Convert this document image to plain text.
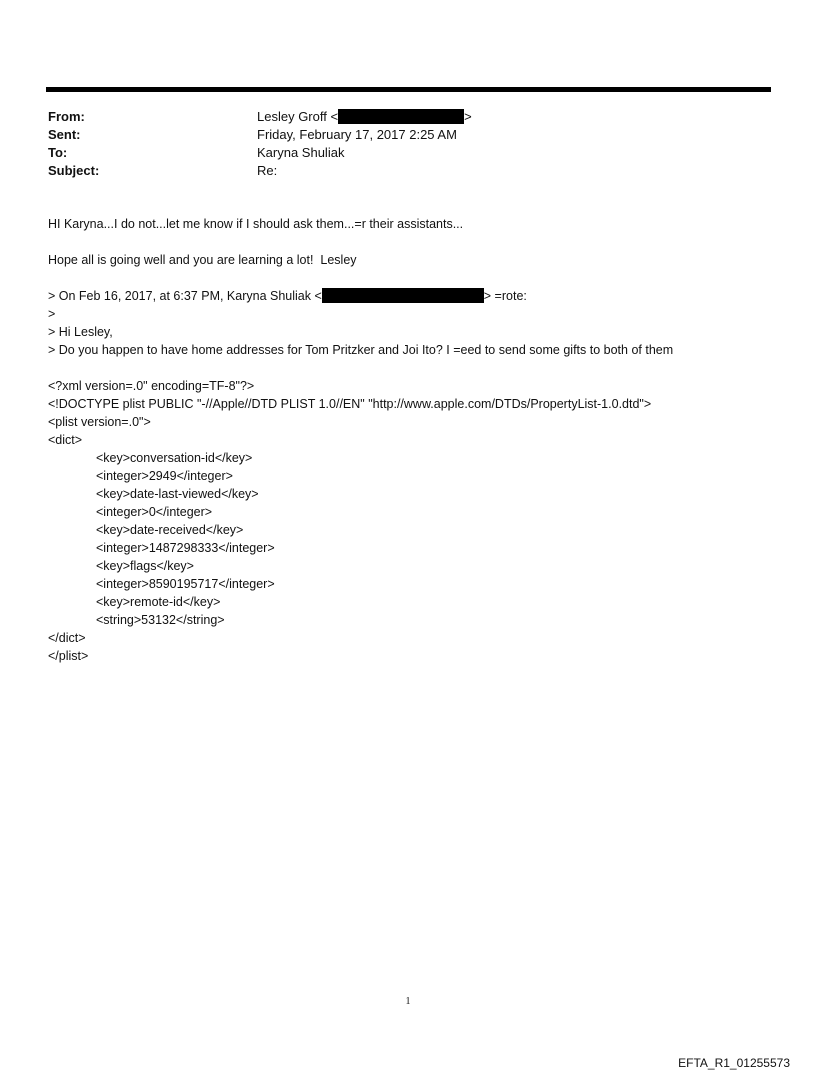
From:	Lesley Groff <	>
Sent:	Friday, February 17, 2017 2:25 AM
To:	Karyna Shuliak
Subject:	Re:
HI Karyna...I do not...let me know if I should ask them...=r their assistants...
Hope all is going well and you are learning a lot!  Lesley
> On Feb 16, 2017, at 6:37 PM, Karyna Shuliak <	> =rote:
>
> Hi Lesley,
> Do you happen to have home addresses for Tom Pritzker and Joi Ito? I =eed to send some gifts to both of them
<?xml version=.0" encoding=TF-8"?>
<!DOCTYPE plist PUBLIC "-//Apple//DTD PLIST 1.0//EN" "http://www.apple.com/DTDs/PropertyList-1.0.dtd">
<plist version=.0">
<dict>
<key>conversation-id</key>
<integer>2949</integer>
<key>date-last-viewed</key>
<integer>0</integer>
<key>date-received</key>
<integer>1487298333</integer>
<key>flags</key>
<integer>8590195717</integer>
<key>remote-id</key>
<string>53132</string>
</dict>
</plist>
1
EFTA_R1_01255573
